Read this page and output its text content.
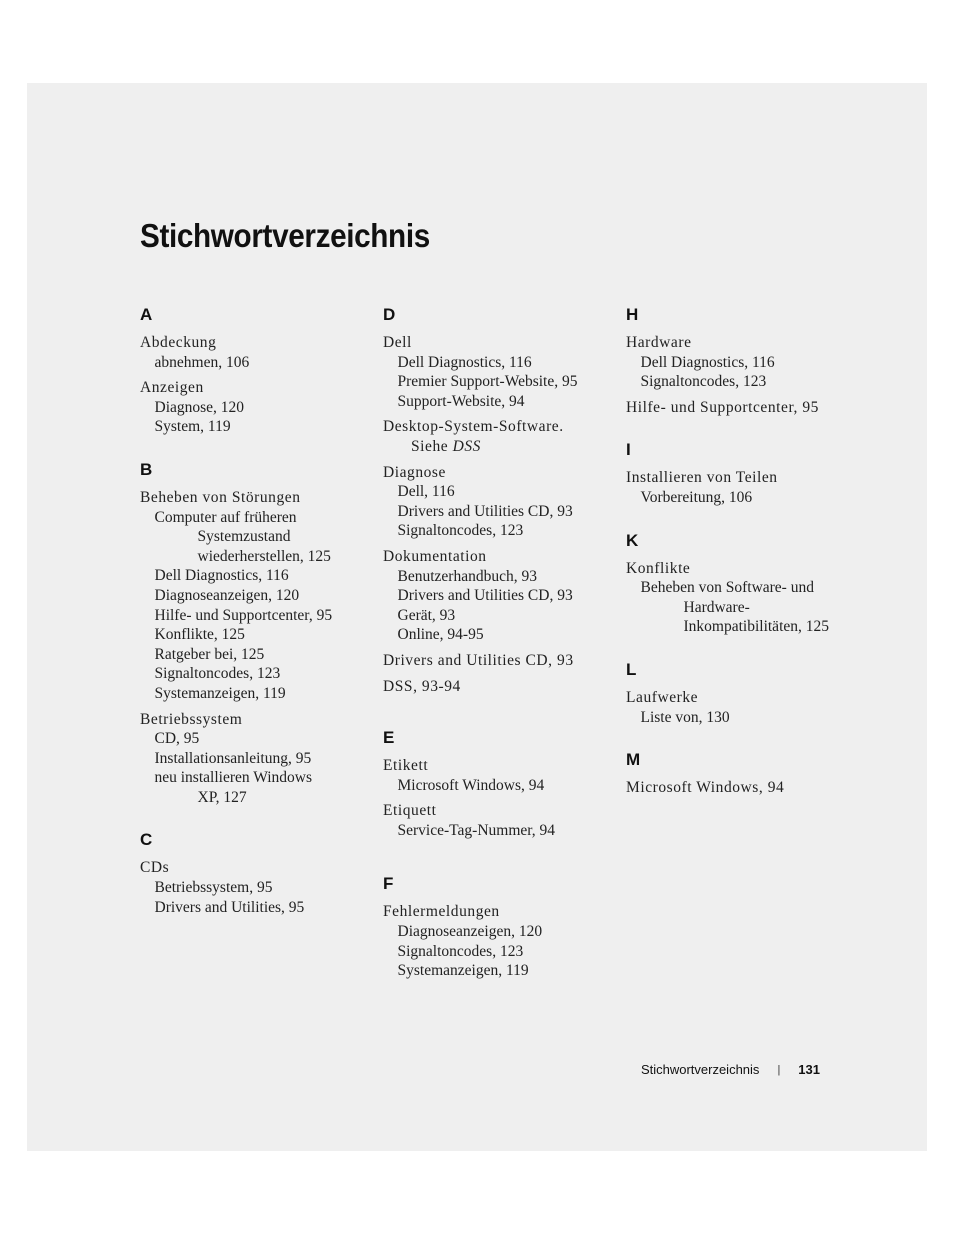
Stichwortverzeichnis
A
Abdeckung
abnehmen, 106
Anzeigen
Diagnose, 120
System, 119
B
Beheben von Störungen
Computer auf früheren
Systemzustand
wiederherstellen, 125
Dell Diagnostics, 116
Diagnoseanzeigen, 120
Hilfe- und Supportcenter, 95
Konflikte, 125
Ratgeber bei, 125
Signaltoncodes, 123
Systemanzeigen, 119
Betriebssystem
CD, 95
Installationsanleitung, 95
neu installieren Windows
XP, 127
C
CDs
Betriebssystem, 95
Drivers and Utilities, 95
D
Dell
Dell Diagnostics, 116
Premier Support-Website, 95
Support-Website, 94
Desktop-System-Software.
Siehe DSS
Diagnose
Dell, 116
Drivers and Utilities CD, 93
Signaltoncodes, 123
Dokumentation
Benutzerhandbuch, 93
Drivers and Utilities CD, 93
Gerät, 93
Online, 94-95
Drivers and Utilities CD, 93
DSS, 93-94
E
Etikett
Microsoft Windows, 94
Etiquett
Service-Tag-Nummer, 94
F
Fehlermeldungen
Diagnoseanzeigen, 120
Signaltoncodes, 123
Systemanzeigen, 119
H
Hardware
Dell Diagnostics, 116
Signaltoncodes, 123
Hilfe- und Supportcenter, 95
I
Installieren von Teilen
Vorbereitung, 106
K
Konflikte
Beheben von Software- und
Hardware-
Inkompatibilitäten, 125
L
Laufwerke
Liste von, 130
M
Microsoft Windows, 94
Stichwortverzeichnis | 131
